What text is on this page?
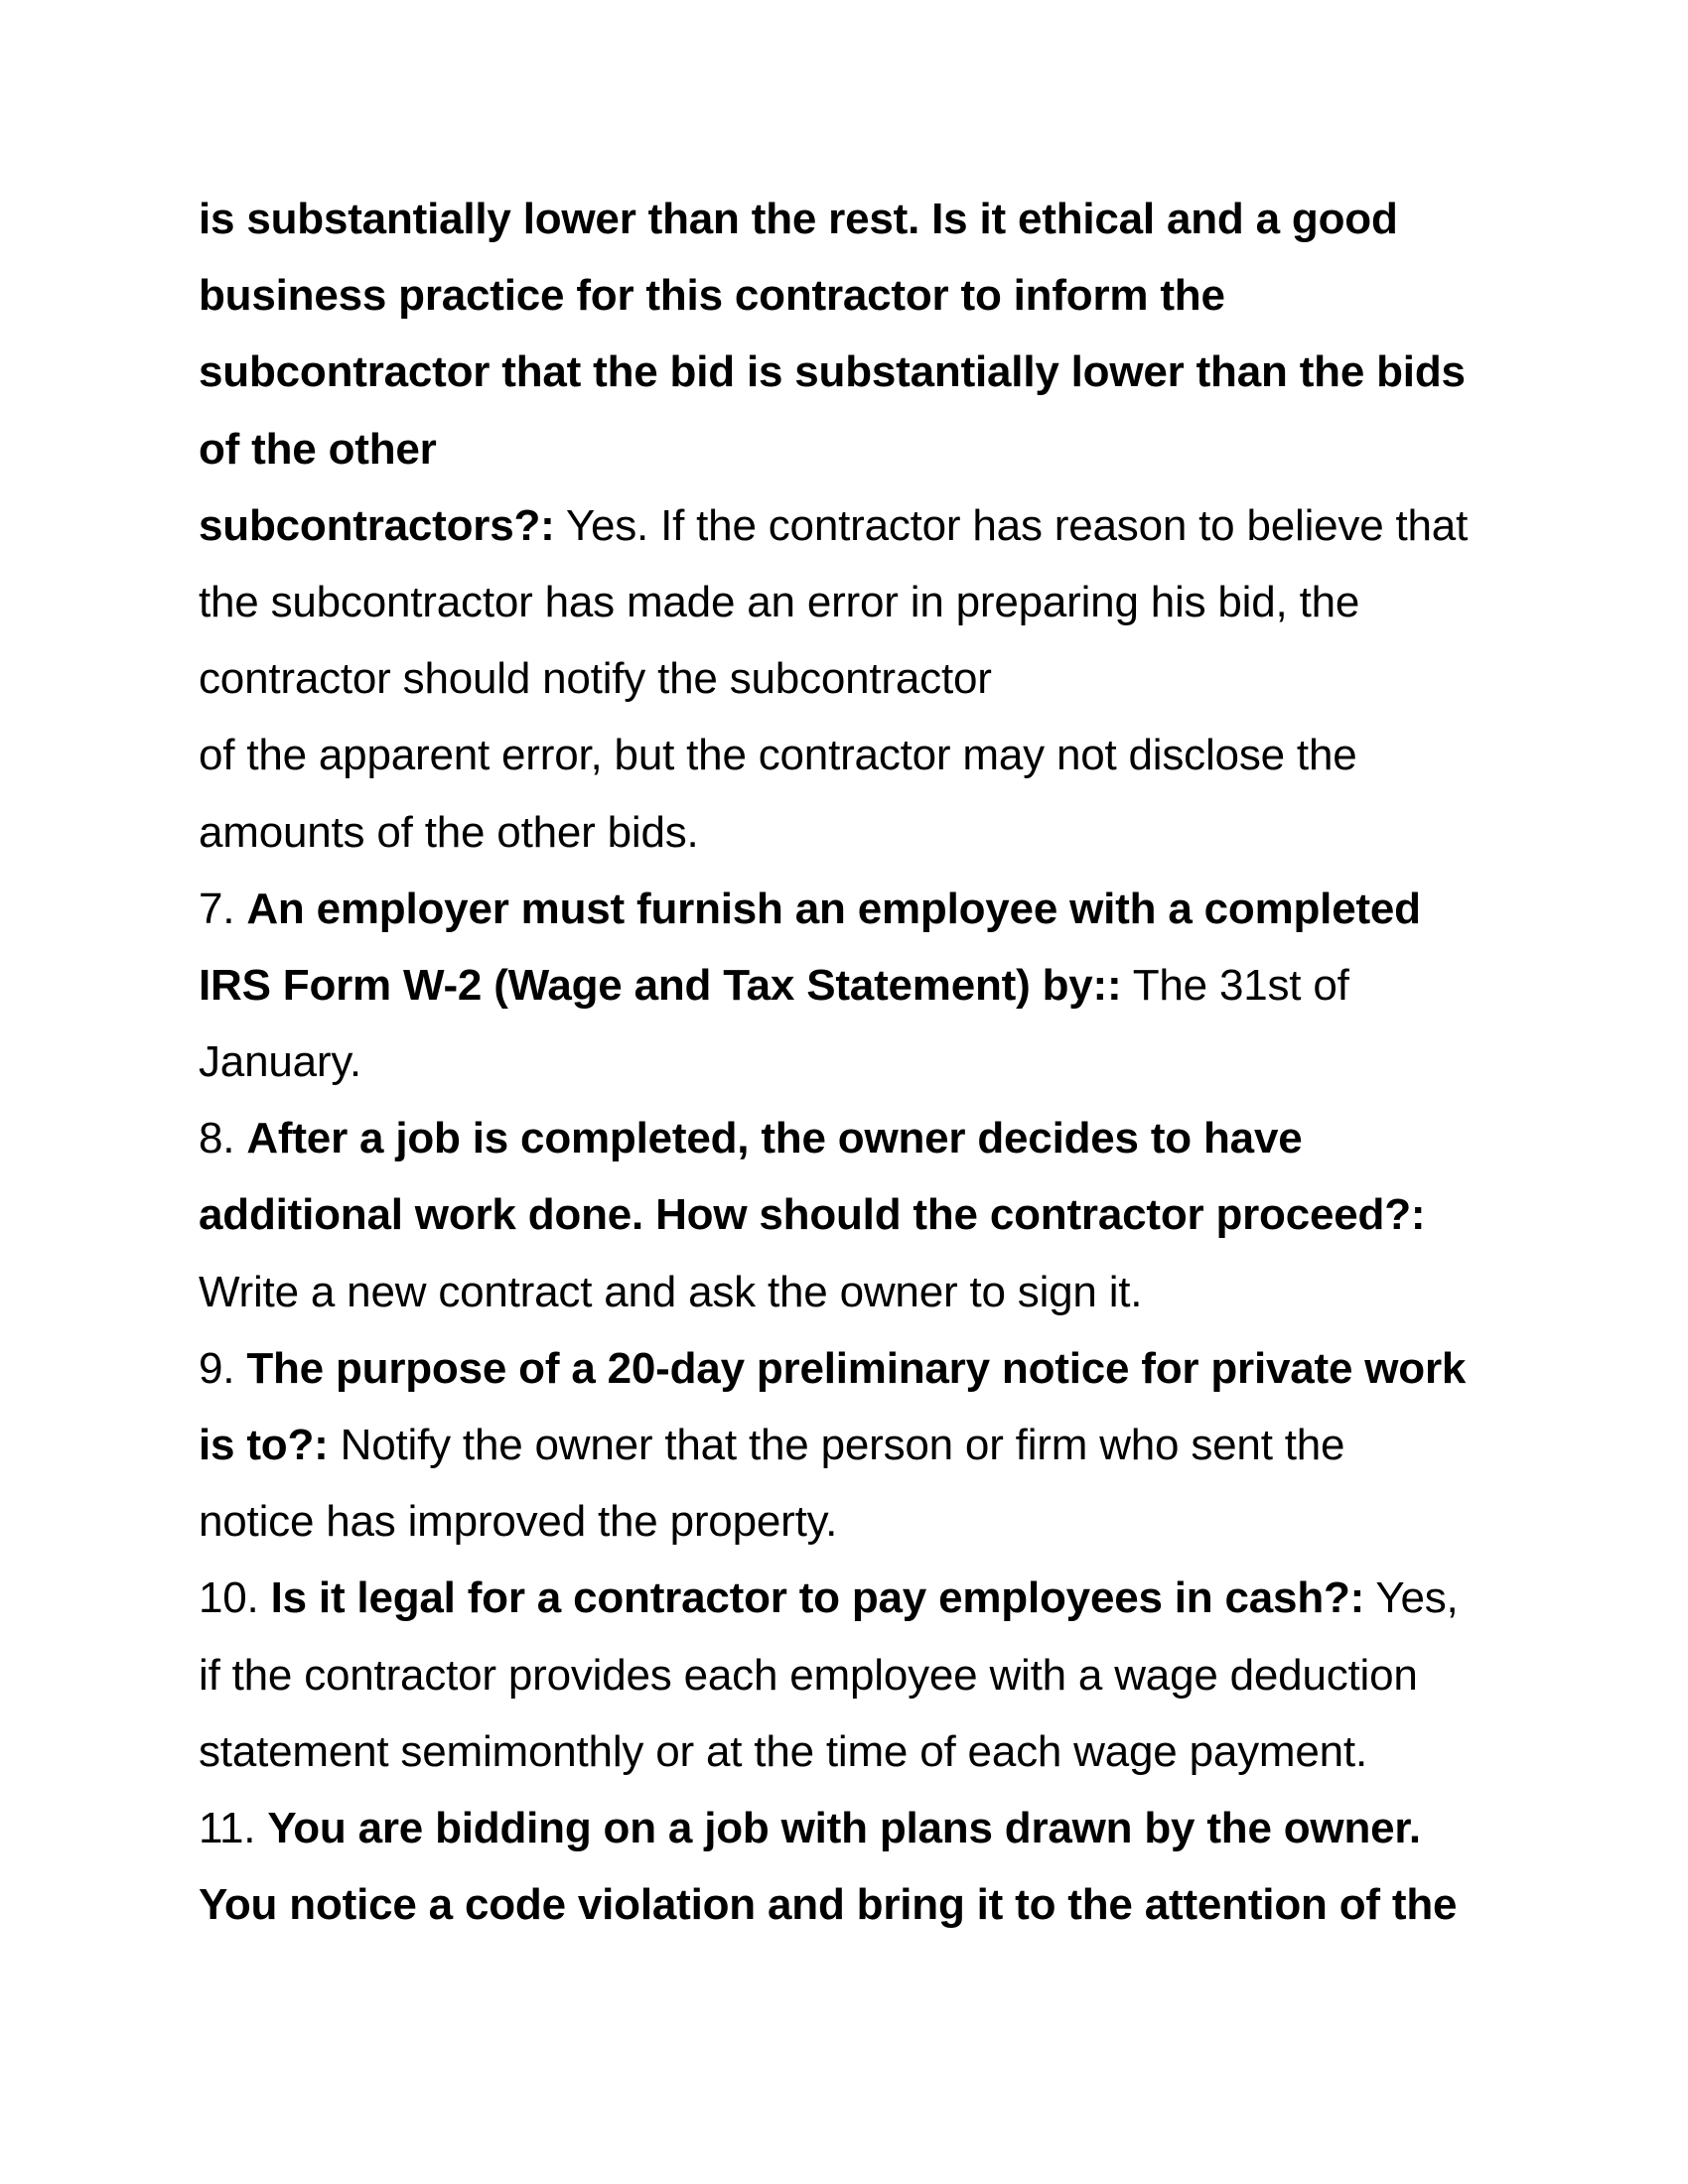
is substantially lower than the rest. Is it ethical and a good
business practice for this contractor to inform the
subcontractor that the bid is substantially lower than the bids
of the other
subcontractors?: Yes. If the contractor has reason to believe that
the subcontractor has made an error in preparing his bid, the
contractor should notify the subcontractor
of the apparent error, but the contractor may not disclose the
amounts of the other bids.
7. An employer must furnish an employee with a completed
IRS Form W-2 (Wage and Tax Statement) by:: The 31st of
January.
8. After a job is completed, the owner decides to have
additional work done. How should the contractor proceed?:
Write a new contract and ask the owner to sign it.
9. The purpose of a 20-day preliminary notice for private work
is to?: Notify the owner that the person or firm who sent the
notice has improved the property.
10. Is it legal for a contractor to pay employees in cash?: Yes,
if the contractor provides each employee with a wage deduction
statement semimonthly or at the time of each wage payment.
11. You are bidding on a job with plans drawn by the owner.
You notice a code violation and bring it to the attention of the
